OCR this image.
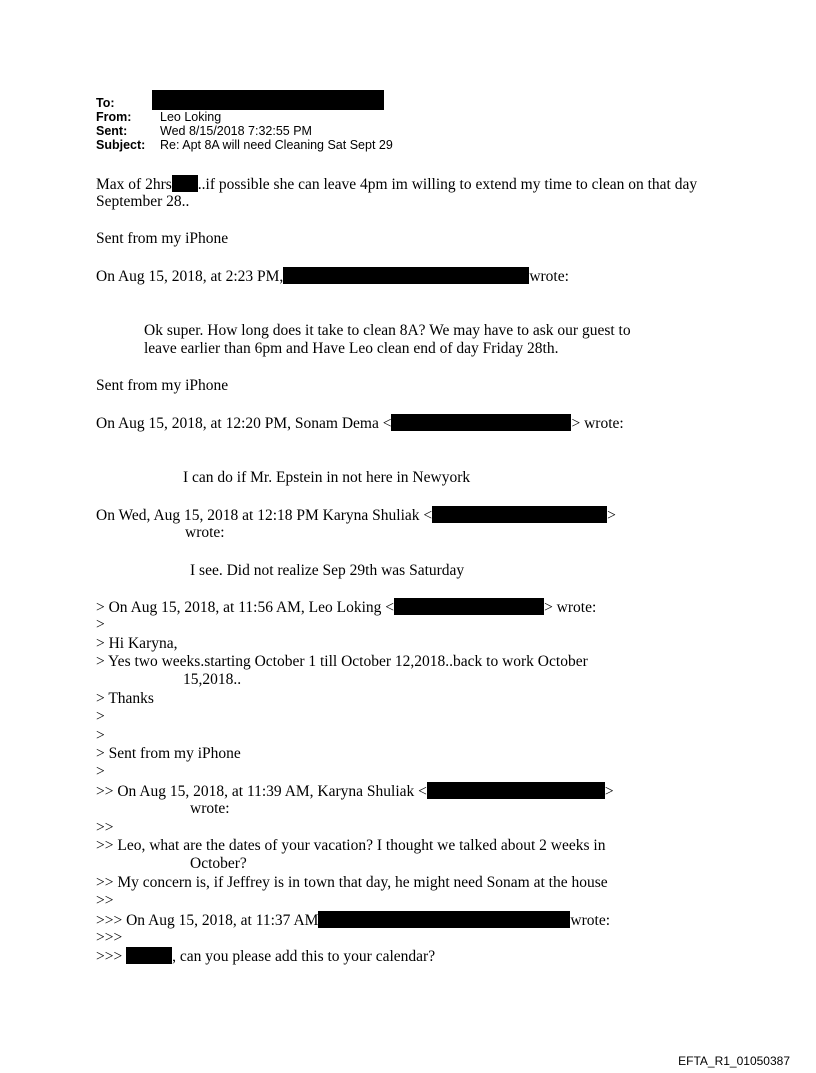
To:
From: Leo Loking
Sent:	Wed 8/15/2018 7:32:55 PM
Subject: Re: Apt 8A will need Cleaning Sat Sept 29
Max of 2hrs ..if possible she can leave 4pm im willing to extend my time to clean on that day
September 28..
Sent from my iPhone
On Aug 15, 2018, at 2:23 PM,	wrote:
Ok super. How long does it take to clean 8A? We may have to ask our guest to
leave earlier than 6pm and Have Leo clean end of day Friday 28th.
Sent from my iPhone
On Aug 15, 2018, at 12:20 PM, Sonam Dema <	> wrote:
I can do if Mr. Epstein in not here in Newyork
On Wed, Aug 15, 2018 at 12:18 PM Karyna Shuliak <	>
wrote:
I see. Did not realize Sep 29th was Saturday
> On Aug 15, 2018, at 11:56 AM, Leo Loking <	> wrote:
>
> Hi Karyna,
> Yes two weeks.starting October 1 till October 12,2018..back to work October
15,2018..
> Thanks
>
>
> Sent from my iPhone
>
>> On Aug 15, 2018, at 11:39 AM, Karyna Shuliak <	>
wrote:
>>
>> Leo, what are the dates of your vacation? I thought we talked about 2 weeks in
October?
>> My concern is, if Jeffrey is in town that day, he might need Sonam at the house
>>
>>> On Aug 15, 2018, at 11:37 AM	wrote:
>>>
>>>	, can you please add this to your calendar?
EFTA_R1_01050387
